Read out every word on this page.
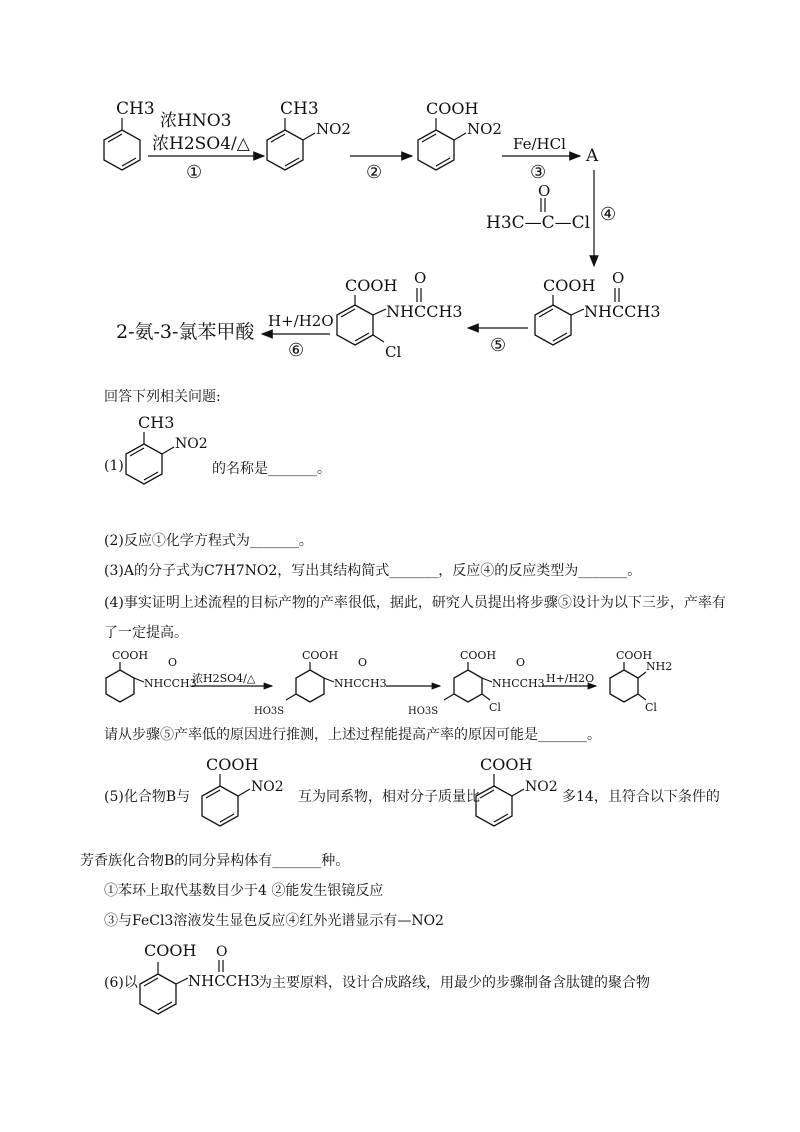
CH3
浓HNO3
浓H2SO4/△
①
CH3
NO2
②
COOH
NO2
Fe/HCl
③
A
H3C—C—Cl
O
④
COOH O
NHCCH3
⑤
COOH O
NHCCH3
Cl
H+/H2O
⑥
2-氨-3-氯苯甲酸
回答下列相关问题:
(1)
CH3
NO2
的名称是_______。
(2)反应①化学方程式为_______。
(3)A的分子式为C7H7NO2，写出其结构简式_______，反应④的反应类型为_______。
(4)事实证明上述流程的目标产物的产率很低，据此，研究人员提出将步骤⑤设计为以下三步，产率有
了一定提高。
COOH
O
NHCCH3
浓H2SO4/△
COOH
O
NHCCH3
HO3S
COOH
O
NHCCH3
HO3S	Cl
H+/H2O
COOH
NH2
Cl
请从步骤⑤产率低的原因进行推测，上述过程能提高产率的原因可能是_______。
(5)化合物B与
COOH
NO2
互为同系物，相对分子质量比
COOH
NO2
多14，且符合以下条件的
芳香族化合物B的同分异构体有_______种。
①苯环上取代基数目少于4 ②能发生银镜反应
③与FeCl3溶液发生显色反应④红外光谱显示有—NO2
(6)以
COOH O
NHCCH3
为主要原料，设计合成路线，用最少的步骤制备含肽键的聚合物
